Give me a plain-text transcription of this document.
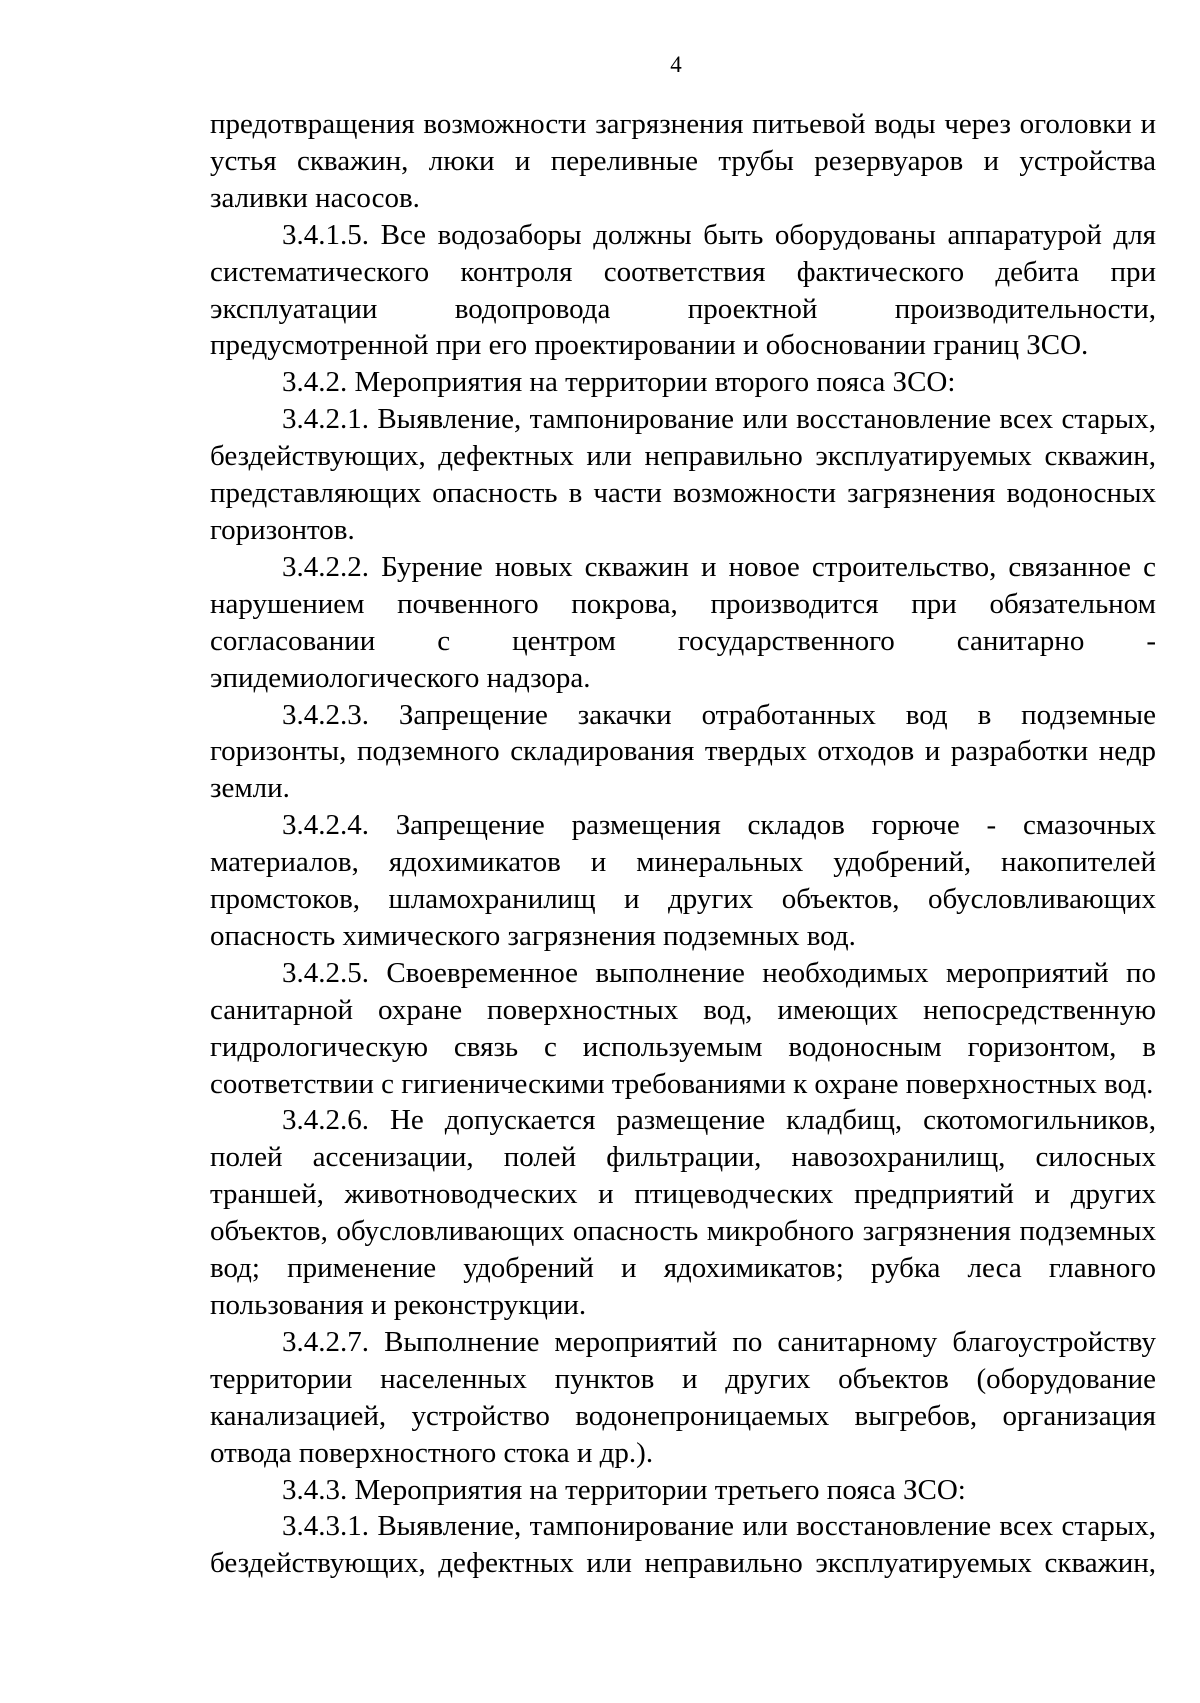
4

предотвращения возможности загрязнения питьевой воды через оголовки и устья скважин, люки и переливные трубы резервуаров и устройства заливки насосов.

3.4.1.5. Все водозаборы должны быть оборудованы аппаратурой для систематического контроля соответствия фактического дебита при эксплуатации водопровода проектной производительности, предусмотренной при его проектировании и обосновании границ ЗСО.

3.4.2. Мероприятия на территории второго пояса ЗСО:

3.4.2.1. Выявление, тампонирование или восстановление всех старых, бездействующих, дефектных или неправильно эксплуатируемых скважин, представляющих опасность в части возможности загрязнения водоносных горизонтов.

3.4.2.2. Бурение новых скважин и новое строительство, связанное с нарушением почвенного покрова, производится при обязательном согласовании с центром государственного санитарно - эпидемиологического надзора.

3.4.2.3. Запрещение закачки отработанных вод в подземные горизонты, подземного складирования твердых отходов и разработки недр земли.

3.4.2.4. Запрещение размещения складов горюче - смазочных материалов, ядохимикатов и минеральных удобрений, накопителей промстоков, шламохранилищ и других объектов, обусловливающих опасность химического загрязнения подземных вод.

3.4.2.5. Своевременное выполнение необходимых мероприятий по санитарной охране поверхностных вод, имеющих непосредственную гидрологическую связь с используемым водоносным горизонтом, в соответствии с гигиеническими требованиями к охране поверхностных вод.

3.4.2.6. Не допускается размещение кладбищ, скотомогильников, полей ассенизации, полей фильтрации, навозохранилищ, силосных траншей, животноводческих и птицеводческих предприятий и других объектов, обусловливающих опасность микробного загрязнения подземных вод; применение удобрений и ядохимикатов; рубка леса главного пользования и реконструкции.

3.4.2.7. Выполнение мероприятий по санитарному благоустройству территории населенных пунктов и других объектов (оборудование канализацией, устройство водонепроницаемых выгребов, организация отвода поверхностного стока и др.).

3.4.3. Мероприятия на территории третьего пояса ЗСО:

3.4.3.1. Выявление, тампонирование или восстановление всех старых, бездействующих, дефектных или неправильно эксплуатируемых скважин,
